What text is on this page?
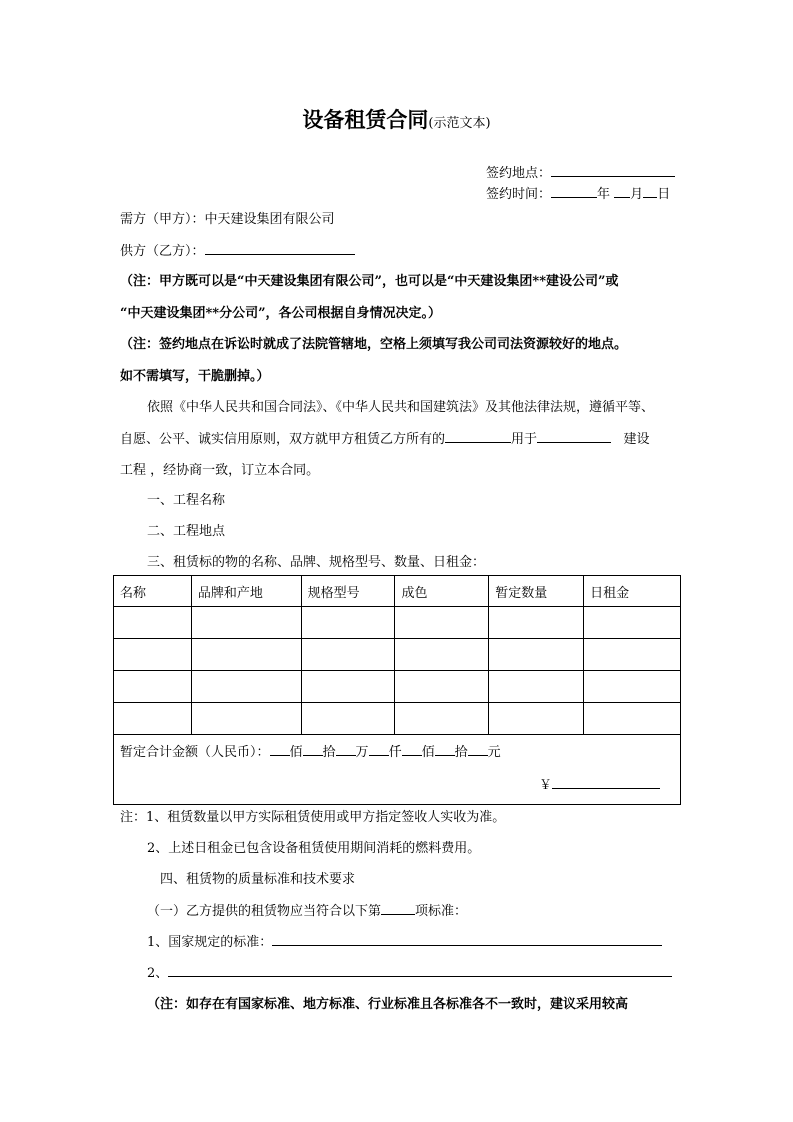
设备租赁合同(示范文本)
签约地点：
签约时间：	年 月 日
需方（甲方）：中天建设集团有限公司
供方（乙方）：
（注：甲方既可以是“中天建设集团有限公司”，也可以是“中天建设集团**建设公司”或
“中天建设集团**分公司”，各公司根据自身情况决定。）
（注：签约地点在诉讼时就成了法院管辖地，空格上须填写我公司司法资源较好的地点。
如不需填写，干脆删掉。）
依照《中华人民共和国合同法》、《中华人民共和国建筑法》及其他法律法规，遵循平等、
自愿、公平、诚实信用原则，双方就甲方租赁乙方所有的	用于	建设
工程 ，经协商一致，订立本合同。
一、工程名称
二、工程地点
三、租赁标的物的名称、品牌、规格型号、数量、日租金：
名称	品牌和产地	规格型号	成色	暂定数量	日租金

暂定合计金额（人民币）： 佰 拾 万 仟 佰 拾 元
￥					
注：1、租赁数量以甲方实际租赁使用或甲方指定签收人实收为准。
2、上述日租金已包含设备租赁使用期间消耗的燃料费用。
四、租赁物的质量标准和技术要求
（一）乙方提供的租赁物应当符合以下第	项标准：
1、国家规定的标准：
2、
（注：如存在有国家标准、地方标准、行业标准且各标准各不一致时，建议采用较高
